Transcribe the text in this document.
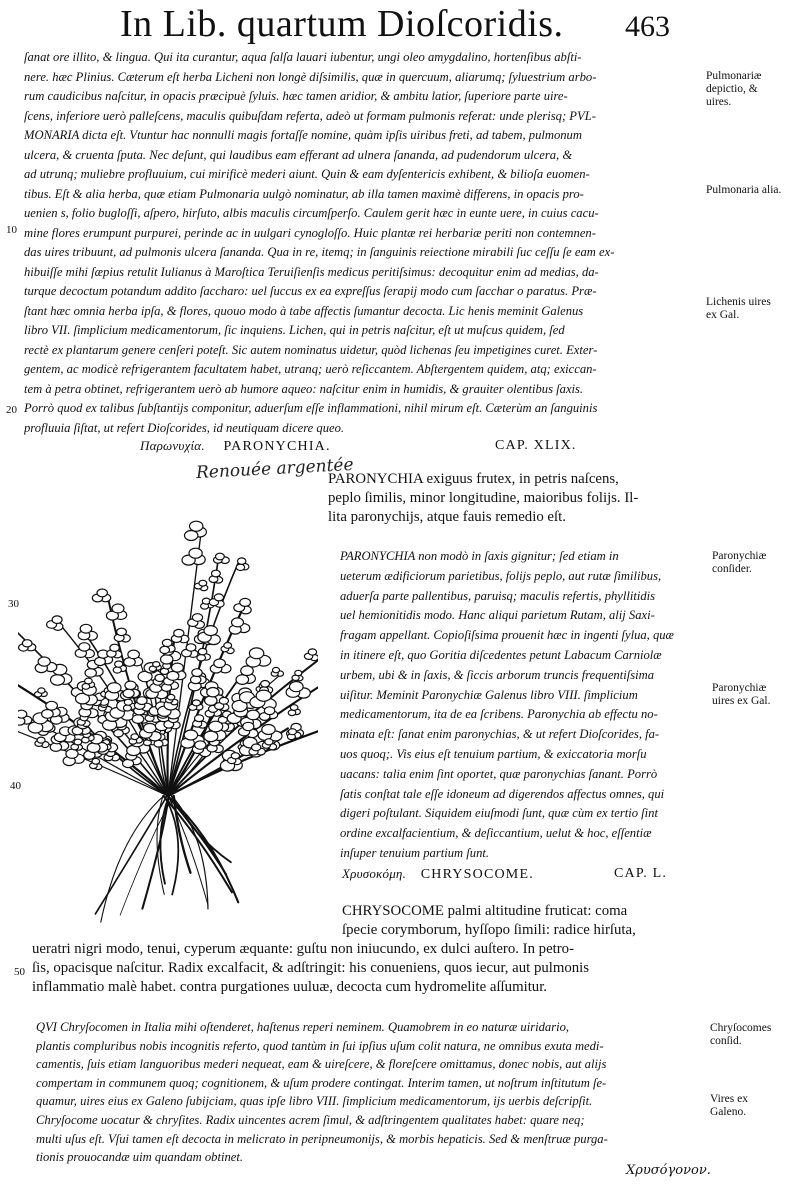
In Lib. quartum Dioſcoridis.	463
ſanat ore illito, & lingua. Qui ita curantur, aqua ſalſa lauari iubentur, ungi oleo amygdalino, hortenſibus abſti-
nere. hæc Plinius. Cæterum eſt herba Licheni non longè diſsimilis, quæ in quercuum, aliarumq; ſyluestrium arbo-
rum caudicibus naſcitur, in opacis præcipuè ſyluis. hæc tamen aridior, & ambitu latior, ſuperiore parte uire-
ſcens, inferiore uerò palleſcens, maculis quibuſdam referta, adeò ut formam pulmonis referat: unde plerisq; PVL-
MONARIA dicta eſt. Vtuntur hac nonnulli magis fortaſſe nomine, quàm ipſis uiribus freti, ad tabem, pulmonum
ulcera, & cruenta ſputa. Nec deſunt, qui laudibus eam efferant ad ulnera ſananda, ad pudendorum ulcera, &
ad utrunq; muliebre profluuium, cui mirificè mederi aiunt. Quin & eam dyſentericis exhibent, & bilioſa euomen-
tibus. Eſt & alia herba, quæ etiam Pulmonaria uulgò nominatur, ab illa tamen maximè differens, in opacis pro-
uenien s, folio bugloſſi, aſpero, hirſuto, albis maculis circumſperſo. Caulem gerit hæc in eunte uere, in cuius cacu-
mine flores erumpunt purpurei, perinde ac in uulgari cynogloſſo. Huic plantæ rei herbariæ periti non contemnen-
das uires tribuunt, ad pulmonis ulcera ſananda. Qua in re, itemq; in ſanguinis reiectione mirabili ſuc ceſſu ſe eam ex-
hibuiſſe mihi ſæpius retulit Iulianus à Maroſtica Teruiſienſis medicus peritiſsimus: decoquitur enim ad medias, da-
turque decoctum potandum addito ſaccharo: uel ſuccus ex ea expreſſus ſerapij modo cum ſacchar o paratus. Præ-
ſtant hæc omnia herba ipſa, & flores, quouo modo à tabe affectis ſumantur decocta. Lic henis meminit Galenus
libro VII. ſimplicium medicamentorum, ſic inquiens. Lichen, qui in petris naſcitur, eſt ut muſcus quidem, ſed
rectè ex plantarum genere cenſeri poteſt. Sic autem nominatus uidetur, quòd lichenas ſeu impetigines curet. Exter-
gentem, ac modicè refrigerantem facultatem habet, utranq; uerò reſiccantem. Abſtergentem quidem, atq; exiccan-
tem à petra obtinet, refrigerantem uerò ab humore aqueo: naſcitur enim in humidis, & grauiter olentibus ſaxis.
Porrò quod ex talibus ſubſtantijs componitur, aduerſum eſſe inflammationi, nihil mirum eſt. Cæterùm an ſanguinis
profluuia ſiſtat, ut refert Dioſcorides, id neutiquam dicere queo.
Pulmonariæ depictio, & uires.
Pulmonaria alia.
Lichenis uires ex Gal.
Paronychiæ conſider.
Paronychiæ uires ex Gal.
Chryſocomes conſid.
Vires ex Galeno.
10
20
30
40
50
Παρωνυχία. PARONYCHIA.	CAP. XLIX.
Renouée argentée
PARONYCHIA exiguus frutex, in petris naſcens,
peplo ſimilis, minor longitudine, maioribus folijs. Il-
lita paronychijs, atque fauis remedio eſt.
PARONYCHIA non modò in ſaxis gignitur; ſed etiam in
ueterum ædificiorum parietibus, folijs peplo, aut rutæ ſimilibus,
aduerſa parte pallentibus, paruisq; maculis refertis, phyllitidis
uel hemionitidis modo. Hanc aliqui parietum Rutam, alij Saxi-
fragam appellant. Copioſiſsima prouenit hæc in ingenti ſylua, quæ
in itinere eſt, quo Goritia diſcedentes petunt Labacum Carniolæ
urbem, ubi & in ſaxis, & ſiccis arborum truncis frequentiſsima
uiſitur. Meminit Paronychiæ Galenus libro VIII. ſimplicium
medicamentorum, ita de ea ſcribens. Paronychia ab effectu no-
minata eſt: ſanat enim paronychias, & ut refert Dioſcorides, fa-
uos quoq;. Vis eius eſt tenuium partium, & exiccatoria morſu
uacans: talia enim ſint oportet, quæ paronychias ſanant. Porrò
ſatis conſtat tale eſſe idoneum ad digerendos affectus omnes, qui
digeri poſtulant. Siquidem eiuſmodi ſunt, quæ cùm ex tertio ſint
ordine excalfacientium, & deſiccantium, uelut & hoc, eſſentiæ
inſuper tenuium partium ſunt.
Χρυσοκόμη. CHRYSOCOME.	CAP. L.
CHRYSOCOME palmi altitudine fruticat: coma
ſpecie corymborum, hyſſopo ſimili: radice hirſuta,
ueratri nigri modo, tenui, cyperum æquante: guſtu non iniucundo, ex dulci auſtero. In petro-
ſis, opacisque naſcitur. Radix excalfacit, & adſtringit: his conueniens, quos iecur, aut pulmonis
inflammatio malè habet. contra purgationes uuluæ, decocta cum hydromelite aſſumitur.
QVI Chryſocomen in Italia mihi oſtenderet, haſtenus reperi neminem. Quamobrem in eo naturæ uiridario,
plantis compluribus nobis incognitis refertо, quod tantùm in ſui ipſius uſum colit natura, ne omnibus exuta medi-
camentis, ſuis etiam languoribus mederi nequeat, eam & uireſcere, & floreſcere omittamus, donec nobis, aut alijs
compertam in communem quoq; cognitionem, & uſum prodere contingat. Interim tamen, ut noſtrum inſtitutum ſe-
quamur, uires eius ex Galeno ſubijciam, quas ipſe libro VIII. ſimplicium medicamentorum, ijs uerbis deſcripſit.
Chryſocome uocatur & chryſites. Radix uincentes acrem ſimul, & adſtringentem qualitates habet: quare neq;
multi uſus eſt. Vſui tamen eſt decocta in melicrato in peripneumonijs, & morbis hepaticis. Sed & menſtruæ purga-
tionis prouocandæ uim quandam obtinet.
Χρυσόγονον.
